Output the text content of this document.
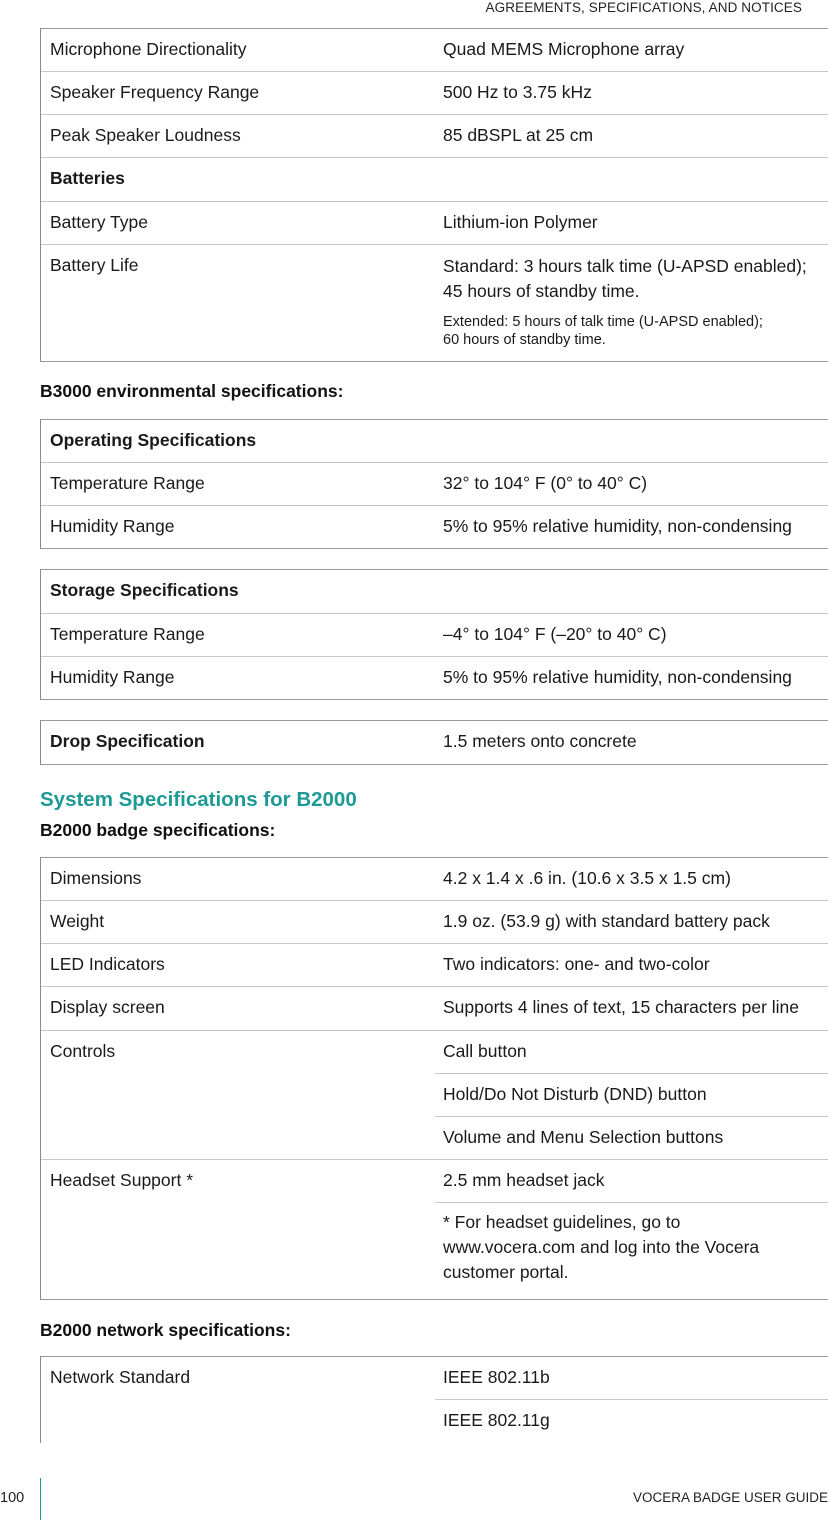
AGREEMENTS, SPECIFICATIONS, AND NOTICES
Microphone Directionality	Quad MEMS Microphone array
Speaker Frequency Range	500 Hz to 3.75 kHz
Peak Speaker Loudness	85 dBSPL at 25 cm
Batteries
Battery Type	Lithium-ion Polymer
Battery Life	Standard: 3 hours talk time (U-APSD enabled);
45 hours of standby time.
Extended: 5 hours of talk time (U-APSD enabled);
60 hours of standby time.
B3000 environmental specifications:
Operating Specifications
Temperature Range	32° to 104° F (0° to 40° C)
Humidity Range	5% to 95% relative humidity, non-condensing
Storage Specifications
Temperature Range	–4° to 104° F (–20° to 40° C)
Humidity Range	5% to 95% relative humidity, non-condensing
Drop Specification	1.5 meters onto concrete
System Specifications for B2000
B2000 badge specifications:
Dimensions	4.2 x 1.4 x .6 in. (10.6 x 3.5 x 1.5 cm)
Weight	1.9 oz. (53.9 g) with standard battery pack
LED Indicators	Two indicators: one- and two-color
Display screen	Supports 4 lines of text, 15 characters per line
Controls	Call button
Hold/Do Not Disturb (DND) button
Volume and Menu Selection buttons
Headset Support *	2.5 mm headset jack
* For headset guidelines, go to
www.vocera.com and log into the Vocera
customer portal.
B2000 network specifications:
Network Standard	IEEE 802.11b
IEEE 802.11g
100	VOCERA BADGE USER GUIDE
